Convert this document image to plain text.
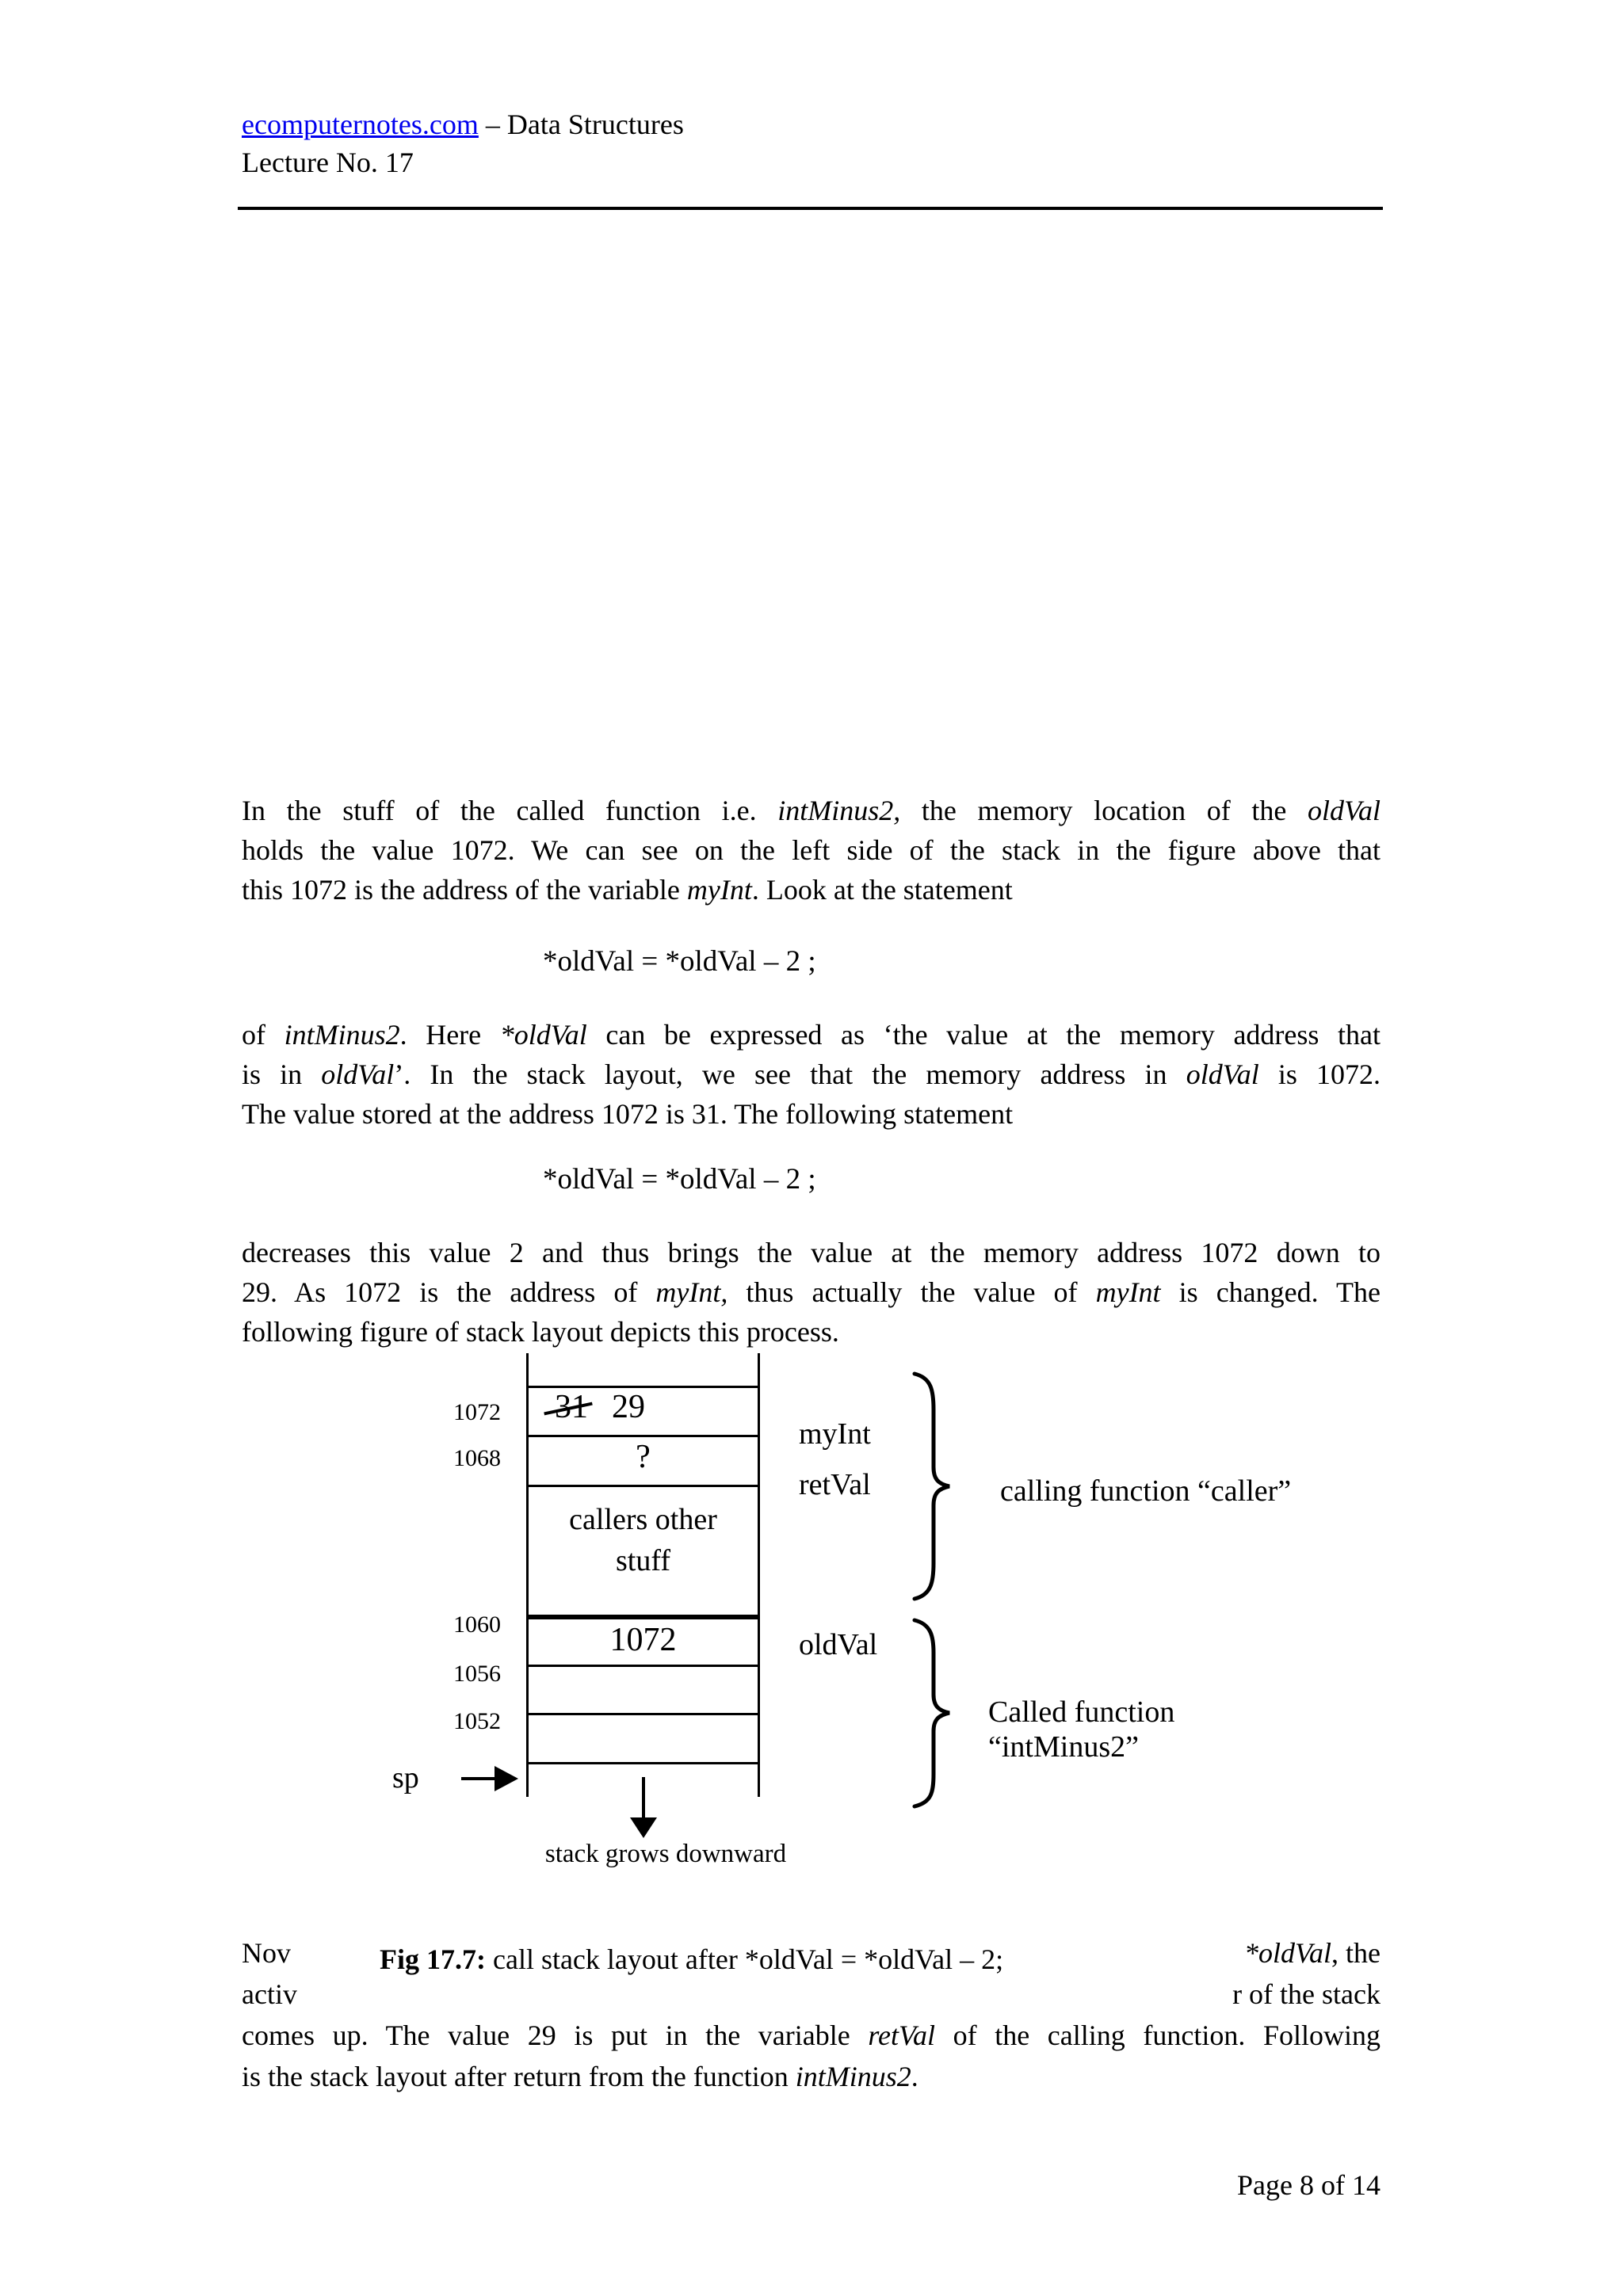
ecomputernotes.com – Data Structures
Lecture No. 17
In the stuff of the called function i.e. intMinus2, the memory location of the oldVal
holds the value 1072. We can see on the left side of the stack in the figure above that
this 1072 is the address of the variable myInt. Look at the statement
*oldVal = *oldVal – 2 ;
of intMinus2. Here *oldVal can be expressed as ‘the value at the memory address that
is in oldVal’. In the stack layout, we see that the memory address in oldVal is 1072.
The value stored at the address 1072 is 31. The following statement
*oldVal = *oldVal – 2 ;
decreases this value 2 and thus brings the value at the memory address 1072 down to
29. As 1072 is the address of myInt, thus actually the value of myInt is changed. The
following figure of stack layout depicts this process.
1072
1068
1060
1056
1052
31 29
?
callers other
stuff
1072
myInt
retVal
oldVal
calling function “caller”
Called function
“intMinus2”
sp
stack grows downward
Nov	*oldVal, the
activ	r of the stack
Fig 17.7: call stack layout after *oldVal = *oldVal – 2;
comes up. The value 29 is put in the variable retVal of the calling function. Following
is the stack layout after return from the function intMinus2.
Page 8 of 14
